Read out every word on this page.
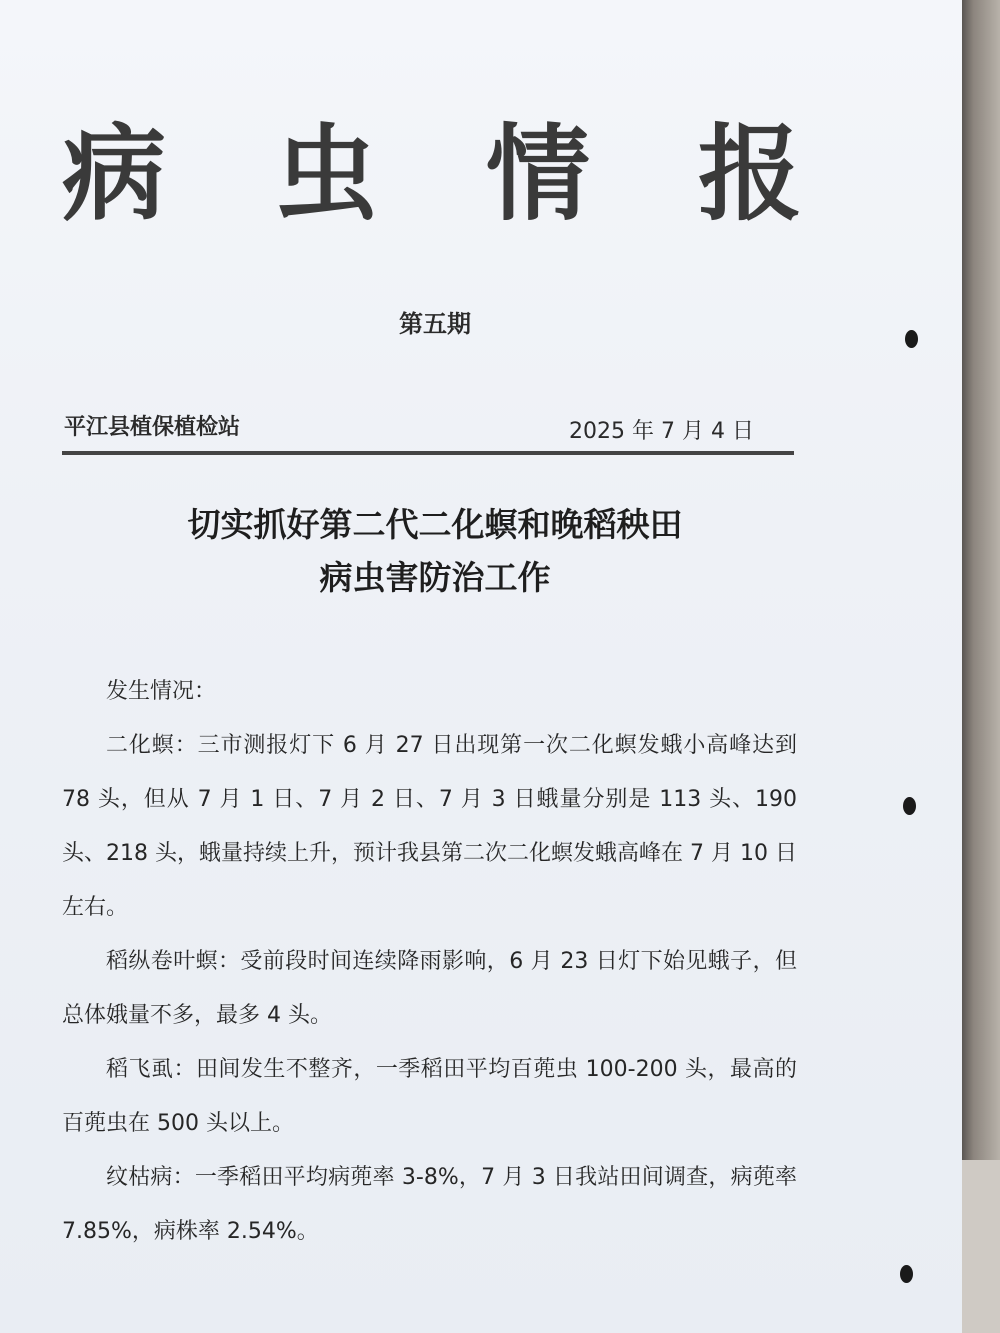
病 虫 情 报
第五期
平江县植保植检站	2025 年 7 月 4 日
切实抓好第二代二化螟和晚稻秧田
病虫害防治工作

发生情况：

二化螟：三市测报灯下 6 月 27 日出现第一次二化螟发蛾小高峰达到 78 头，但从 7 月 1 日、7 月 2 日、7 月 3 日蛾量分别是 113 头、190 头、218 头，蛾量持续上升，预计我县第二次二化螟发蛾高峰在 7 月 10 日左右。

稻纵卷叶螟：受前段时间连续降雨影响，6 月 23 日灯下始见蛾子，但总体娥量不多，最多 4 头。

稻飞虱：田间发生不整齐，一季稻田平均百蔸虫 100-200 头，最高的百蔸虫在 500 头以上。

纹枯病：一季稻田平均病蔸率 3-8%，7 月 3 日我站田间调查，病蔸率 7.85%，病株率 2.54%。
